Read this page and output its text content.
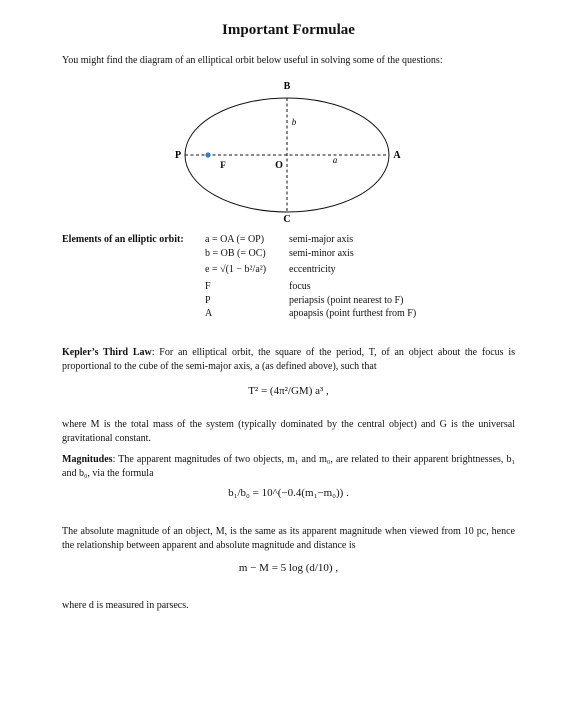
Important Formulae
You might find the diagram of an elliptical orbit below useful in solving some of the questions:
B
C
P	A
F	O
b
a
Elements of an elliptic orbit: a = OA (= OP) semi-major axis
b = OB (= OC) semi-minor axis
e = √(1 − b²/a²) eccentricity
F	focus
P	periapsis (point nearest to F)
A	apoapsis (point furthest from F)
Kepler’s Third Law: For an elliptical orbit, the square of the period, T, of an object about the focus is proportional to the cube of the semi-major axis, a (as defined above), such that
T² = (4π²/GM) a³ ,
where M is the total mass of the system (typically dominated by the central object) and G is the universal gravitational constant.
Magnitudes: The apparent magnitudes of two objects, m₁ and m₀, are related to their apparent brightnesses, b₁ and b₀, via the formula
b₁/b₀ = 10^(−0.4(m₁−m₀)) .
The absolute magnitude of an object, M, is the same as its apparent magnitude when viewed from 10 pc, hence the relationship between apparent and absolute magnitude and distance is
m − M = 5 log (d/10) ,
where d is measured in parsecs.
